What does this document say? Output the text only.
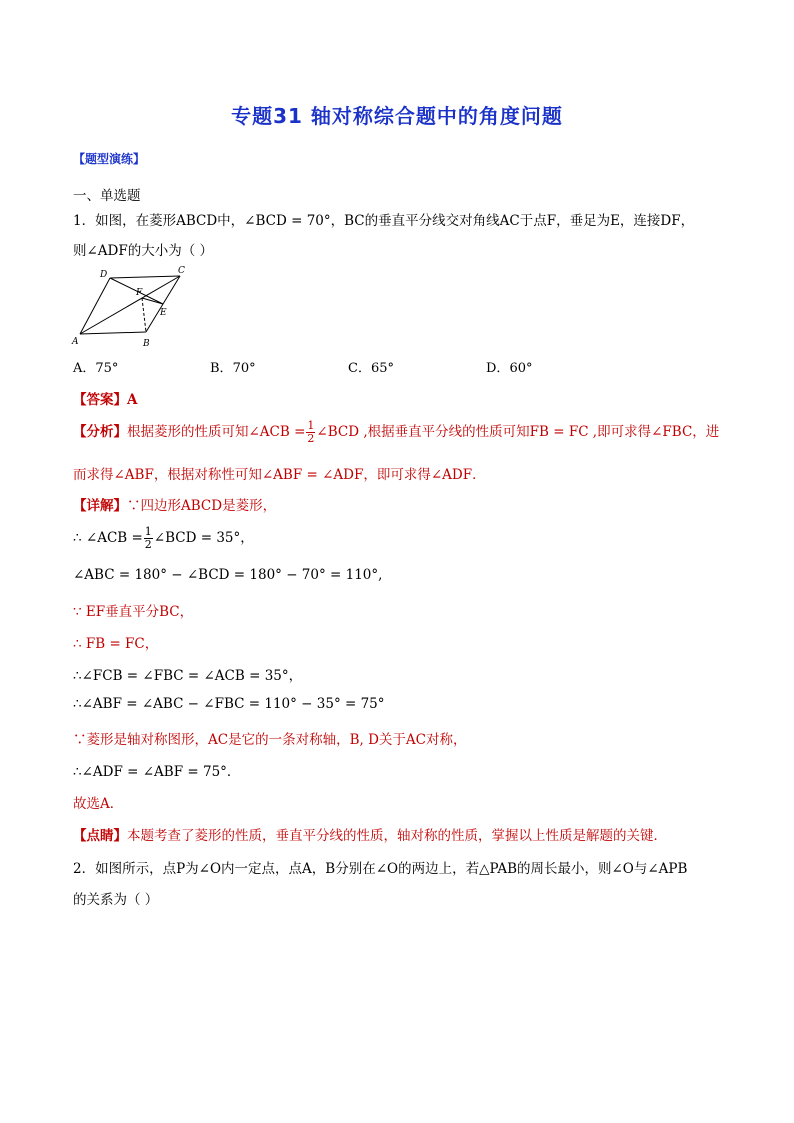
专题31 轴对称综合题中的角度问题
【题型演练】
一、单选题
1．如图，在菱形ABCD中，∠BCD = 70°，BC的垂直平分线交对角线AC于点F，垂足为E，连接DF，
则∠ADF的大小为（ ）
A	B
C
D
E
F
A．75°	B．70°	C．65°	D．60°
【答案】A
【分析】根据菱形的性质可知∠ACB = $\frac{1}{2}$ ∠BCD ,根据垂直平分线的性质可知FB = FC ,即可求得∠FBC，进
而求得∠ABF，根据对称性可知∠ABF = ∠ADF，即可求得∠ADF．
【详解】∵四边形ABCD是菱形，
∴ ∠ACB = $\frac{1}{2}$ ∠BCD = 35°，
∠ABC = 180° − ∠BCD = 180° − 70° = 110°,
∵ EF垂直平分BC，
∴ FB = FC，
∴∠FCB = ∠FBC = ∠ACB = 35°，
∴∠ABF = ∠ABC − ∠FBC = 110° − 35° = 75°
∵菱形是轴对称图形，AC是它的一条对称轴，B, D关于AC对称，
∴∠ADF = ∠ABF = 75°．
故选A．
【点睛】本题考查了菱形的性质，垂直平分线的性质，轴对称的性质，掌握以上性质是解题的关键．
2．如图所示，点P为∠O内一定点，点A，B分别在∠O的两边上，若△PAB的周长最小，则∠O与∠APB
的关系为（ ）
